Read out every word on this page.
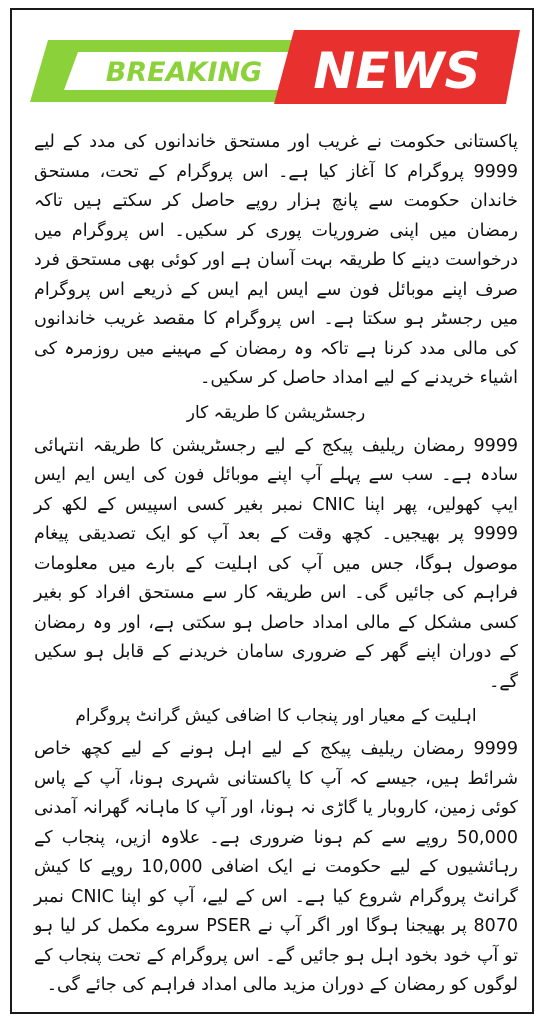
BREAKING NEWS

پاکستانی حکومت نے غریب اور مستحق خاندانوں کی مدد کے لیے 9999 پروگرام کا آغاز کیا ہے۔ اس پروگرام کے تحت، مستحق خاندان حکومت سے پانچ ہزار روپے حاصل کر سکتے ہیں تاکہ رمضان میں اپنی ضروریات پوری کر سکیں۔ اس پروگرام میں درخواست دینے کا طریقہ بہت آسان ہے اور کوئی بھی مستحق فرد صرف اپنے موبائل فون سے ایس ایم ایس کے ذریعے اس پروگرام میں رجسٹر ہو سکتا ہے۔ اس پروگرام کا مقصد غریب خاندانوں کی مالی مدد کرنا ہے تاکہ وہ رمضان کے مہینے میں روزمرہ کی اشیاء خریدنے کے لیے امداد حاصل کر سکیں۔

رجسٹریشن کا طریقہ کار

9999 رمضان ریلیف پیکج کے لیے رجسٹریشن کا طریقہ انتہائی سادہ ہے۔ سب سے پہلے آپ اپنے موبائل فون کی ایس ایم ایس ایپ کھولیں، پھر اپنا CNIC نمبر بغیر کسی اسپیس کے لکھ کر 9999 پر بھیجیں۔ کچھ وقت کے بعد آپ کو ایک تصدیقی پیغام موصول ہوگا، جس میں آپ کی اہلیت کے بارے میں معلومات فراہم کی جائیں گی۔ اس طریقہ کار سے مستحق افراد کو بغیر کسی مشکل کے مالی امداد حاصل ہو سکتی ہے، اور وہ رمضان کے دوران اپنے گھر کے ضروری سامان خریدنے کے قابل ہو سکیں گے۔

اہلیت کے معیار اور پنجاب کا اضافی کیش گرانٹ پروگرام

9999 رمضان ریلیف پیکج کے لیے اہل ہونے کے لیے کچھ خاص شرائط ہیں، جیسے کہ آپ کا پاکستانی شہری ہونا، آپ کے پاس کوئی زمین، کاروبار یا گاڑی نہ ہونا، اور آپ کا ماہانہ گھرانہ آمدنی 50,000 روپے سے کم ہونا ضروری ہے۔ علاوہ ازیں، پنجاب کے رہائشیوں کے لیے حکومت نے ایک اضافی 10,000 روپے کا کیش گرانٹ پروگرام شروع کیا ہے۔ اس کے لیے، آپ کو اپنا CNIC نمبر 8070 پر بھیجنا ہوگا اور اگر آپ نے PSER سروے مکمل کر لیا ہو تو آپ خود بخود اہل ہو جائیں گے۔ اس پروگرام کے تحت پنجاب کے لوگوں کو رمضان کے دوران مزید مالی امداد فراہم کی جائے گی۔
